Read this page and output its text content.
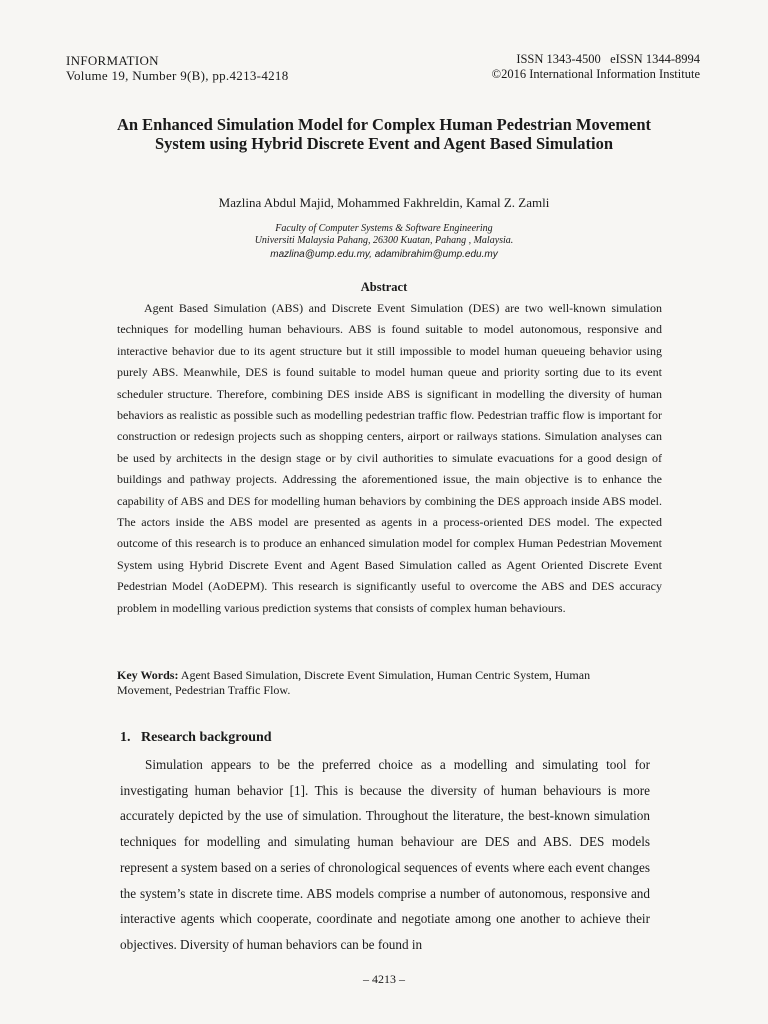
INFORMATION
Volume 19, Number 9(B), pp.4213-4218
ISSN 1343-4500   eISSN 1344-8994
©2016 International Information Institute
An Enhanced Simulation Model for Complex Human Pedestrian Movement System using Hybrid Discrete Event and Agent Based Simulation
Mazlina Abdul Majid, Mohammed Fakhreldin, Kamal Z. Zamli
Faculty of Computer Systems & Software Engineering
Universiti Malaysia Pahang, 26300 Kuatan, Pahang , Malaysia.
mazlina@ump.edu.my, adamibrahim@ump.edu.my
Abstract

Agent Based Simulation (ABS) and Discrete Event Simulation (DES) are two well-known simulation techniques for modelling human behaviours. ABS is found suitable to model autonomous, responsive and interactive behavior due to its agent structure but it still impossible to model human queueing behavior using purely ABS. Meanwhile, DES is found suitable to model human queue and priority sorting due to its event scheduler structure. Therefore, combining DES inside ABS is significant in modelling the diversity of human behaviors as realistic as possible such as modelling pedestrian traffic flow. Pedestrian traffic flow is important for construction or redesign projects such as shopping centers, airport or railways stations. Simulation analyses can be used by architects in the design stage or by civil authorities to simulate evacuations for a good design of buildings and pathway projects. Addressing the aforementioned issue, the main objective is to enhance the capability of ABS and DES for modelling human behaviors by combining the DES approach inside ABS model. The actors inside the ABS model are presented as agents in a process-oriented DES model. The expected outcome of this research is to produce an enhanced simulation model for complex Human Pedestrian Movement System using Hybrid Discrete Event and Agent Based Simulation called as Agent Oriented Discrete Event Pedestrian Model (AoDEPM). This research is significantly useful to overcome the ABS and DES accuracy problem in modelling various prediction systems that consists of complex human behaviours.

Key Words: Agent Based Simulation, Discrete Event Simulation, Human Centric System, Human Movement, Pedestrian Traffic Flow.

1.   Research background

Simulation appears to be the preferred choice as a modelling and simulating tool for investigating human behavior [1]. This is because the diversity of human behaviours is more accurately depicted by the use of simulation. Throughout the literature, the best-known simulation techniques for modelling and simulating human behaviour are DES and ABS. DES models represent a system based on a series of chronological sequences of events where each event changes the system’s state in discrete time. ABS models comprise a number of autonomous, responsive and interactive agents which cooperate, coordinate and negotiate among one another to achieve their objectives. Diversity of human behaviors can be found in

– 4213 –
